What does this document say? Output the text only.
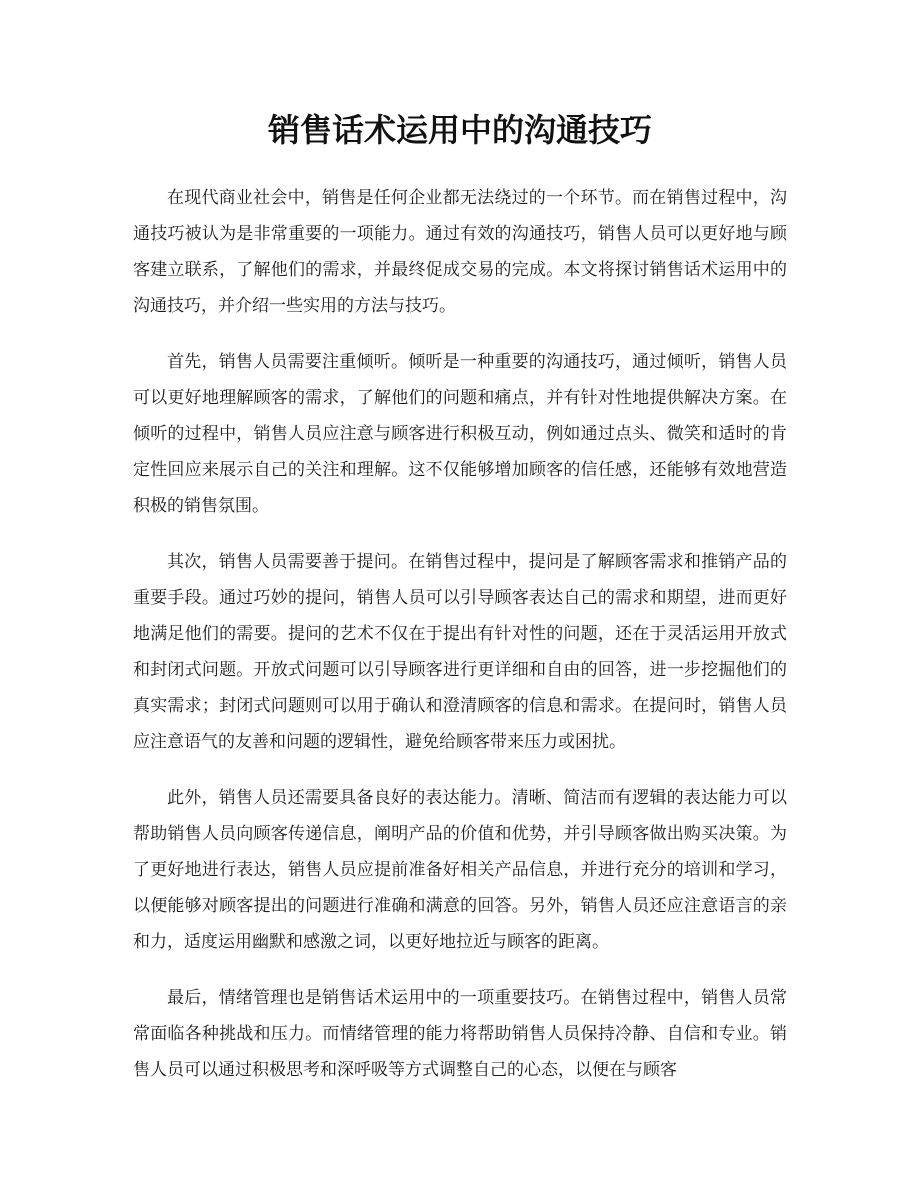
销售话术运用中的沟通技巧

在现代商业社会中，销售是任何企业都无法绕过的一个环节。而在销售过程中，沟通技巧被认为是非常重要的一项能力。通过有效的沟通技巧，销售人员可以更好地与顾客建立联系，了解他们的需求，并最终促成交易的完成。本文将探讨销售话术运用中的沟通技巧，并介绍一些实用的方法与技巧。

首先，销售人员需要注重倾听。倾听是一种重要的沟通技巧，通过倾听，销售人员可以更好地理解顾客的需求，了解他们的问题和痛点，并有针对性地提供解决方案。在倾听的过程中，销售人员应注意与顾客进行积极互动，例如通过点头、微笑和适时的肯定性回应来展示自己的关注和理解。这不仅能够增加顾客的信任感，还能够有效地营造积极的销售氛围。

其次，销售人员需要善于提问。在销售过程中，提问是了解顾客需求和推销产品的重要手段。通过巧妙的提问，销售人员可以引导顾客表达自己的需求和期望，进而更好地满足他们的需要。提问的艺术不仅在于提出有针对性的问题，还在于灵活运用开放式和封闭式问题。开放式问题可以引导顾客进行更详细和自由的回答，进一步挖掘他们的真实需求；封闭式问题则可以用于确认和澄清顾客的信息和需求。在提问时，销售人员应注意语气的友善和问题的逻辑性，避免给顾客带来压力或困扰。

此外，销售人员还需要具备良好的表达能力。清晰、简洁而有逻辑的表达能力可以帮助销售人员向顾客传递信息，阐明产品的价值和优势，并引导顾客做出购买决策。为了更好地进行表达，销售人员应提前准备好相关产品信息，并进行充分的培训和学习，以便能够对顾客提出的问题进行准确和满意的回答。另外，销售人员还应注意语言的亲和力，适度运用幽默和感激之词，以更好地拉近与顾客的距离。

最后，情绪管理也是销售话术运用中的一项重要技巧。在销售过程中，销售人员常常面临各种挑战和压力。而情绪管理的能力将帮助销售人员保持冷静、自信和专业。销售人员可以通过积极思考和深呼吸等方式调整自己的心态，以便在与顾客
